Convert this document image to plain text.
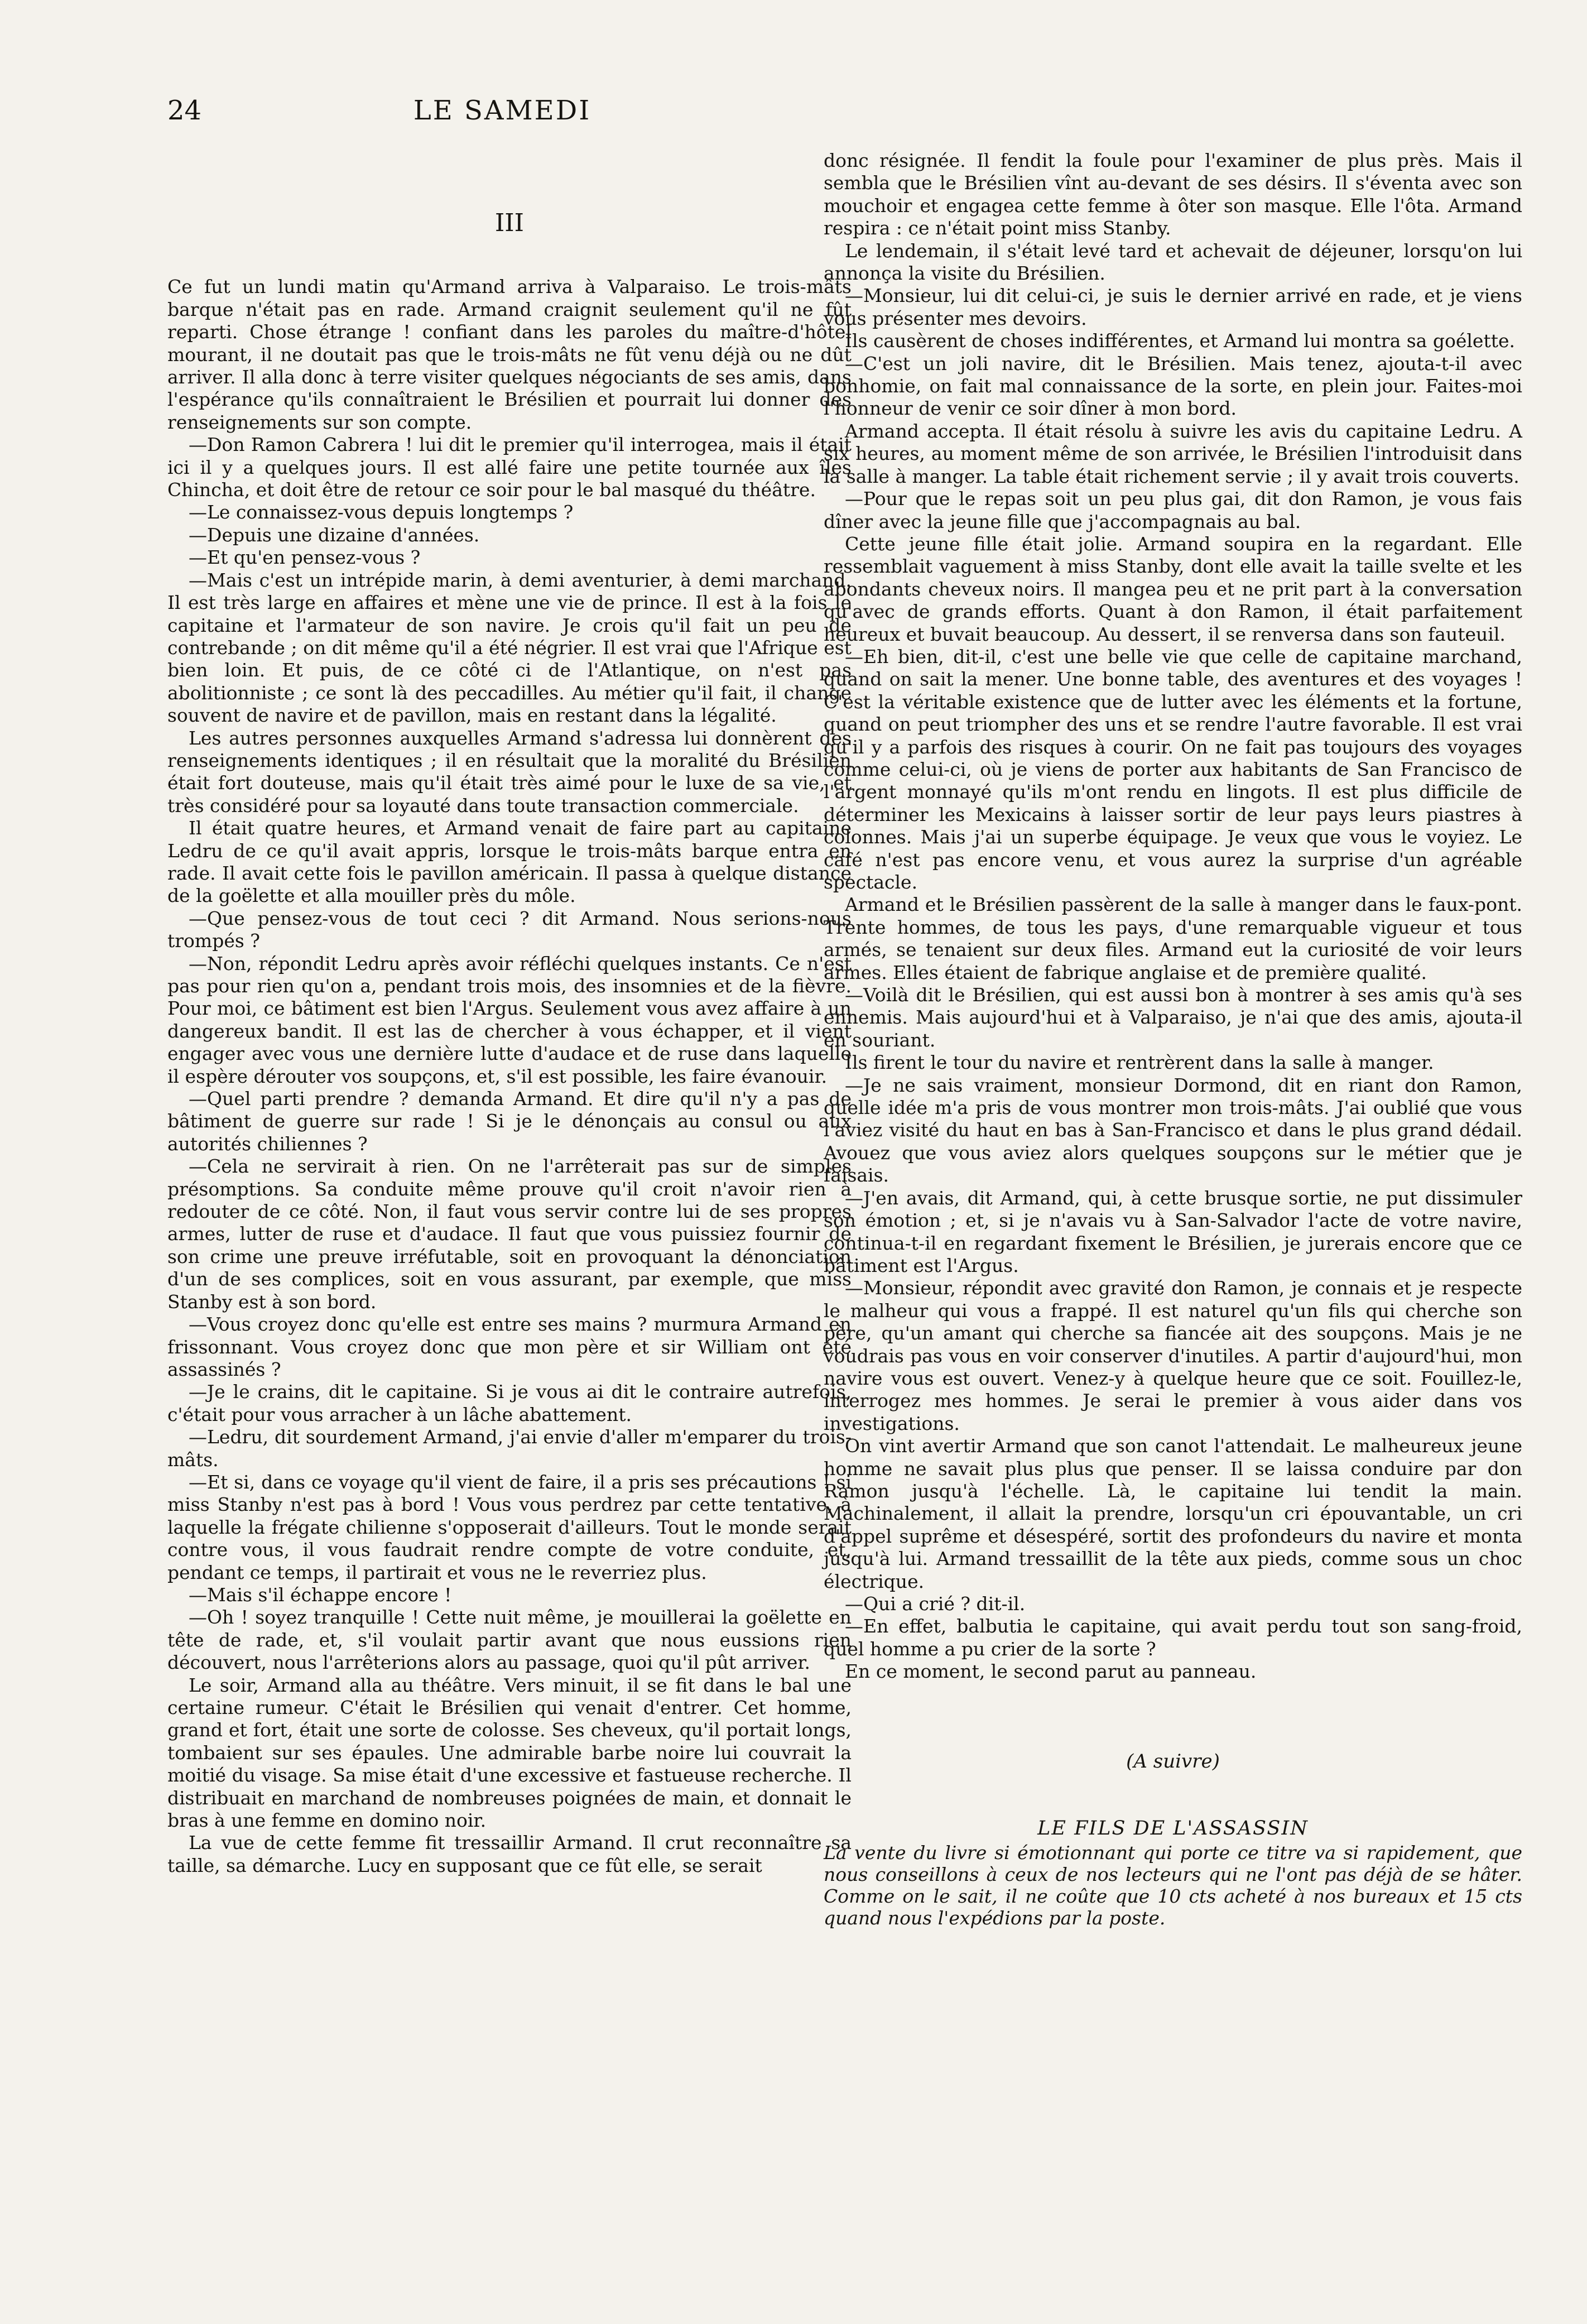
24	LE SAMEDI
III

Ce fut un lundi matin qu'Armand arriva à Valparaiso. Le trois-mâts barque n'était pas en rade. Armand craignit seulement qu'il ne fût reparti. Chose étrange ! confiant dans les paroles du maître-d'hôtel mourant, il ne doutait pas que le trois-mâts ne fût venu déjà ou ne dût arriver. Il alla donc à terre visiter quelques négociants de ses amis, dans l'espérance qu'ils connaîtraient le Brésilien et pourrait lui donner des renseignements sur son compte.

—Don Ramon Cabrera ! lui dit le premier qu'il interrogea, mais il était ici il y a quelques jours. Il est allé faire une petite tournée aux îles Chincha, et doit être de retour ce soir pour le bal masqué du théâtre.

—Le connaissez-vous depuis longtemps ?

—Depuis une dizaine d'années.

—Et qu'en pensez-vous ?

—Mais c'est un intrépide marin, à demi aventurier, à demi marchand. Il est très large en affaires et mène une vie de prince. Il est à la fois le capitaine et l'armateur de son navire. Je crois qu'il fait un peu de contrebande ; on dit même qu'il a été négrier. Il est vrai que l'Afrique est bien loin. Et puis, de ce côté ci de l'Atlantique, on n'est pas abolitionniste ; ce sont là des peccadilles. Au métier qu'il fait, il change souvent de navire et de pavillon, mais en restant dans la légalité.

Les autres personnes auxquelles Armand s'adressa lui donnèrent des renseignements identiques ; il en résultait que la moralité du Brésilien était fort douteuse, mais qu'il était très aimé pour le luxe de sa vie, et très considéré pour sa loyauté dans toute transaction commerciale.

Il était quatre heures, et Armand venait de faire part au capitaine Ledru de ce qu'il avait appris, lorsque le trois-mâts barque entra en rade. Il avait cette fois le pavillon américain. Il passa à quelque distance de la goëlette et alla mouiller près du môle.

—Que pensez-vous de tout ceci ? dit Armand. Nous serions-nous trompés ?

—Non, répondit Ledru après avoir réfléchi quelques instants. Ce n'est pas pour rien qu'on a, pendant trois mois, des insomnies et de la fièvre. Pour moi, ce bâtiment est bien l'Argus. Seulement vous avez affaire à un dangereux bandit. Il est las de chercher à vous échapper, et il vient engager avec vous une dernière lutte d'audace et de ruse dans laquelle il espère dérouter vos soupçons, et, s'il est possible, les faire évanouir.

—Quel parti prendre ? demanda Armand. Et dire qu'il n'y a pas de bâtiment de guerre sur rade ! Si je le dénonçais au consul ou aux autorités chiliennes ?

—Cela ne servirait à rien. On ne l'arrêterait pas sur de simples présomptions. Sa conduite même prouve qu'il croit n'avoir rien à redouter de ce côté. Non, il faut vous servir contre lui de ses propres armes, lutter de ruse et d'audace. Il faut que vous puissiez fournir de son crime une preuve irréfutable, soit en provoquant la dénonciation d'un de ses complices, soit en vous assurant, par exemple, que miss Stanby est à son bord.

—Vous croyez donc qu'elle est entre ses mains ? murmura Armand en frissonnant. Vous croyez donc que mon père et sir William ont été assassinés ?

—Je le crains, dit le capitaine. Si je vous ai dit le contraire autrefois, c'était pour vous arracher à un lâche abattement.

—Ledru, dit sourdement Armand, j'ai envie d'aller m'emparer du trois-mâts.

—Et si, dans ce voyage qu'il vient de faire, il a pris ses précautions ! si miss Stanby n'est pas à bord ! Vous vous perdrez par cette tentative, à laquelle la frégate chilienne s'opposerait d'ailleurs. Tout le monde serait contre vous, il vous faudrait rendre compte de votre conduite, et, pendant ce temps, il partirait et vous ne le reverriez plus.

—Mais s'il échappe encore !

—Oh ! soyez tranquille ! Cette nuit même, je mouillerai la goëlette en tête de rade, et, s'il voulait partir avant que nous eussions rien découvert, nous l'arrêterions alors au passage, quoi qu'il pût arriver.

Le soir, Armand alla au théâtre. Vers minuit, il se fit dans le bal une certaine rumeur. C'était le Brésilien qui venait d'entrer. Cet homme, grand et fort, était une sorte de colosse. Ses cheveux, qu'il portait longs, tombaient sur ses épaules. Une admirable barbe noire lui couvrait la moitié du visage. Sa mise était d'une excessive et fastueuse recherche. Il distribuait en marchand de nombreuses poignées de main, et donnait le bras à une femme en domino noir.

La vue de cette femme fit tressaillir Armand. Il crut reconnaître sa taille, sa démarche. Lucy en supposant que ce fût elle, se serait

donc résignée. Il fendit la foule pour l'examiner de plus près. Mais il sembla que le Brésilien vînt au-devant de ses désirs. Il s'éventa avec son mouchoir et engagea cette femme à ôter son masque. Elle l'ôta. Armand respira : ce n'était point miss Stanby.

Le lendemain, il s'était levé tard et achevait de déjeuner, lorsqu'on lui annonça la visite du Brésilien.

—Monsieur, lui dit celui-ci, je suis le dernier arrivé en rade, et je viens vous présenter mes devoirs.

Ils causèrent de choses indifférentes, et Armand lui montra sa goélette.

—C'est un joli navire, dit le Brésilien. Mais tenez, ajouta-t-il avec bonhomie, on fait mal connaissance de la sorte, en plein jour. Faites-moi l'honneur de venir ce soir dîner à mon bord.

Armand accepta. Il était résolu à suivre les avis du capitaine Ledru. A six heures, au moment même de son arrivée, le Brésilien l'introduisit dans la salle à manger. La table était richement servie ; il y avait trois couverts.

—Pour que le repas soit un peu plus gai, dit don Ramon, je vous fais dîner avec la jeune fille que j'accompagnais au bal.

Cette jeune fille était jolie. Armand soupira en la regardant. Elle ressemblait vaguement à miss Stanby, dont elle avait la taille svelte et les abondants cheveux noirs. Il mangea peu et ne prit part à la conversation qu'avec de grands efforts. Quant à don Ramon, il était parfaitement heureux et buvait beaucoup. Au dessert, il se renversa dans son fauteuil.

—Eh bien, dit-il, c'est une belle vie que celle de capitaine marchand, quand on sait la mener. Une bonne table, des aventures et des voyages ! C'est la véritable existence que de lutter avec les éléments et la fortune, quand on peut triompher des uns et se rendre l'autre favorable. Il est vrai qu'il y a parfois des risques à courir. On ne fait pas toujours des voyages comme celui-ci, où je viens de porter aux habitants de San Francisco de l'argent monnayé qu'ils m'ont rendu en lingots. Il est plus difficile de déterminer les Mexicains à laisser sortir de leur pays leurs piastres à colonnes. Mais j'ai un superbe équipage. Je veux que vous le voyiez. Le café n'est pas encore venu, et vous aurez la surprise d'un agréable spectacle.

Armand et le Brésilien passèrent de la salle à manger dans le faux-pont. Trente hommes, de tous les pays, d'une remarquable vigueur et tous armés, se tenaient sur deux files. Armand eut la curiosité de voir leurs armes. Elles étaient de fabrique anglaise et de première qualité.

—Voilà dit le Brésilien, qui est aussi bon à montrer à ses amis qu'à ses ennemis. Mais aujourd'hui et à Valparaiso, je n'ai que des amis, ajouta-il en souriant.

Ils firent le tour du navire et rentrèrent dans la salle à manger.

—Je ne sais vraiment, monsieur Dormond, dit en riant don Ramon, quelle idée m'a pris de vous montrer mon trois-mâts. J'ai oublié que vous l'aviez visité du haut en bas à San-Francisco et dans le plus grand dédail. Avouez que vous aviez alors quelques soupçons sur le métier que je faisais.

—J'en avais, dit Armand, qui, à cette brusque sortie, ne put dissimuler son émotion ; et, si je n'avais vu à San-Salvador l'acte de votre navire, continua-t-il en regardant fixement le Brésilien, je jurerais encore que ce bâtiment est l'Argus.

—Monsieur, répondit avec gravité don Ramon, je connais et je respecte le malheur qui vous a frappé. Il est naturel qu'un fils qui cherche son père, qu'un amant qui cherche sa fiancée ait des soupçons. Mais je ne voudrais pas vous en voir conserver d'inutiles. A partir d'aujourd'hui, mon navire vous est ouvert. Venez-y à quelque heure que ce soit. Fouillez-le, interrogez mes hommes. Je serai le premier à vous aider dans vos investigations.

On vint avertir Armand que son canot l'attendait. Le malheureux jeune homme ne savait plus plus que penser. Il se laissa conduire par don Ramon jusqu'à l'échelle. Là, le capitaine lui tendit la main. Machinalement, il allait la prendre, lorsqu'un cri épouvantable, un cri d'appel suprême et désespéré, sortit des profondeurs du navire et monta jusqu'à lui. Armand tressaillit de la tête aux pieds, comme sous un choc électrique.

—Qui a crié ? dit-il.

—En effet, balbutia le capitaine, qui avait perdu tout son sang-froid, quel homme a pu crier de la sorte ?

En ce moment, le second parut au panneau.

(A suivre)
LE FILS DE L'ASSASSIN

La vente du livre si émotionnant qui porte ce titre va si rapidement, que nous conseillons à ceux de nos lecteurs qui ne l'ont pas déjà de se hâter. Comme on le sait, il ne coûte que 10 cts acheté à nos bureaux et 15 cts quand nous l'expédions par la poste.
